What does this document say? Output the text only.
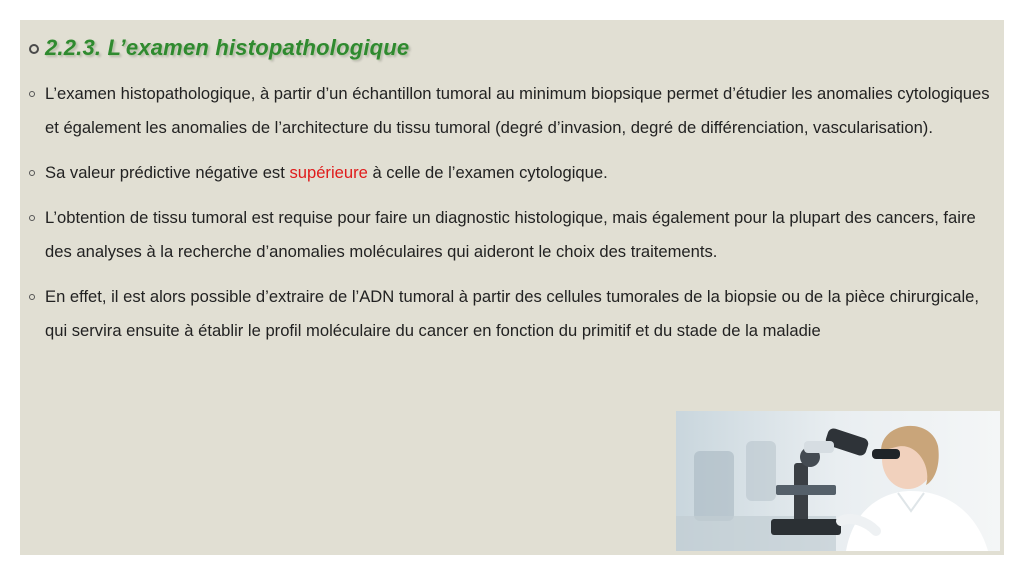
2.2.3. L’examen histopathologique
L’examen histopathologique, à partir d’un échantillon tumoral au minimum biopsique permet d’étudier les anomalies cytologiques et également les anomalies de l’architecture du tissu tumoral (degré d’invasion, degré de différenciation, vascularisation).
Sa valeur prédictive négative est supérieure à celle de l’examen cytologique.
L’obtention de tissu tumoral est requise pour faire un diagnostic histologique, mais également pour la plupart des cancers, faire des analyses à la recherche d’anomalies moléculaires qui aideront le choix des traitements.
En effet, il est alors possible d’extraire de l’ADN tumoral à partir des cellules tumorales de la biopsie ou de la pièce chirurgicale, qui servira ensuite à établir le profil moléculaire du cancer en fonction du primitif et du stade de la maladie
